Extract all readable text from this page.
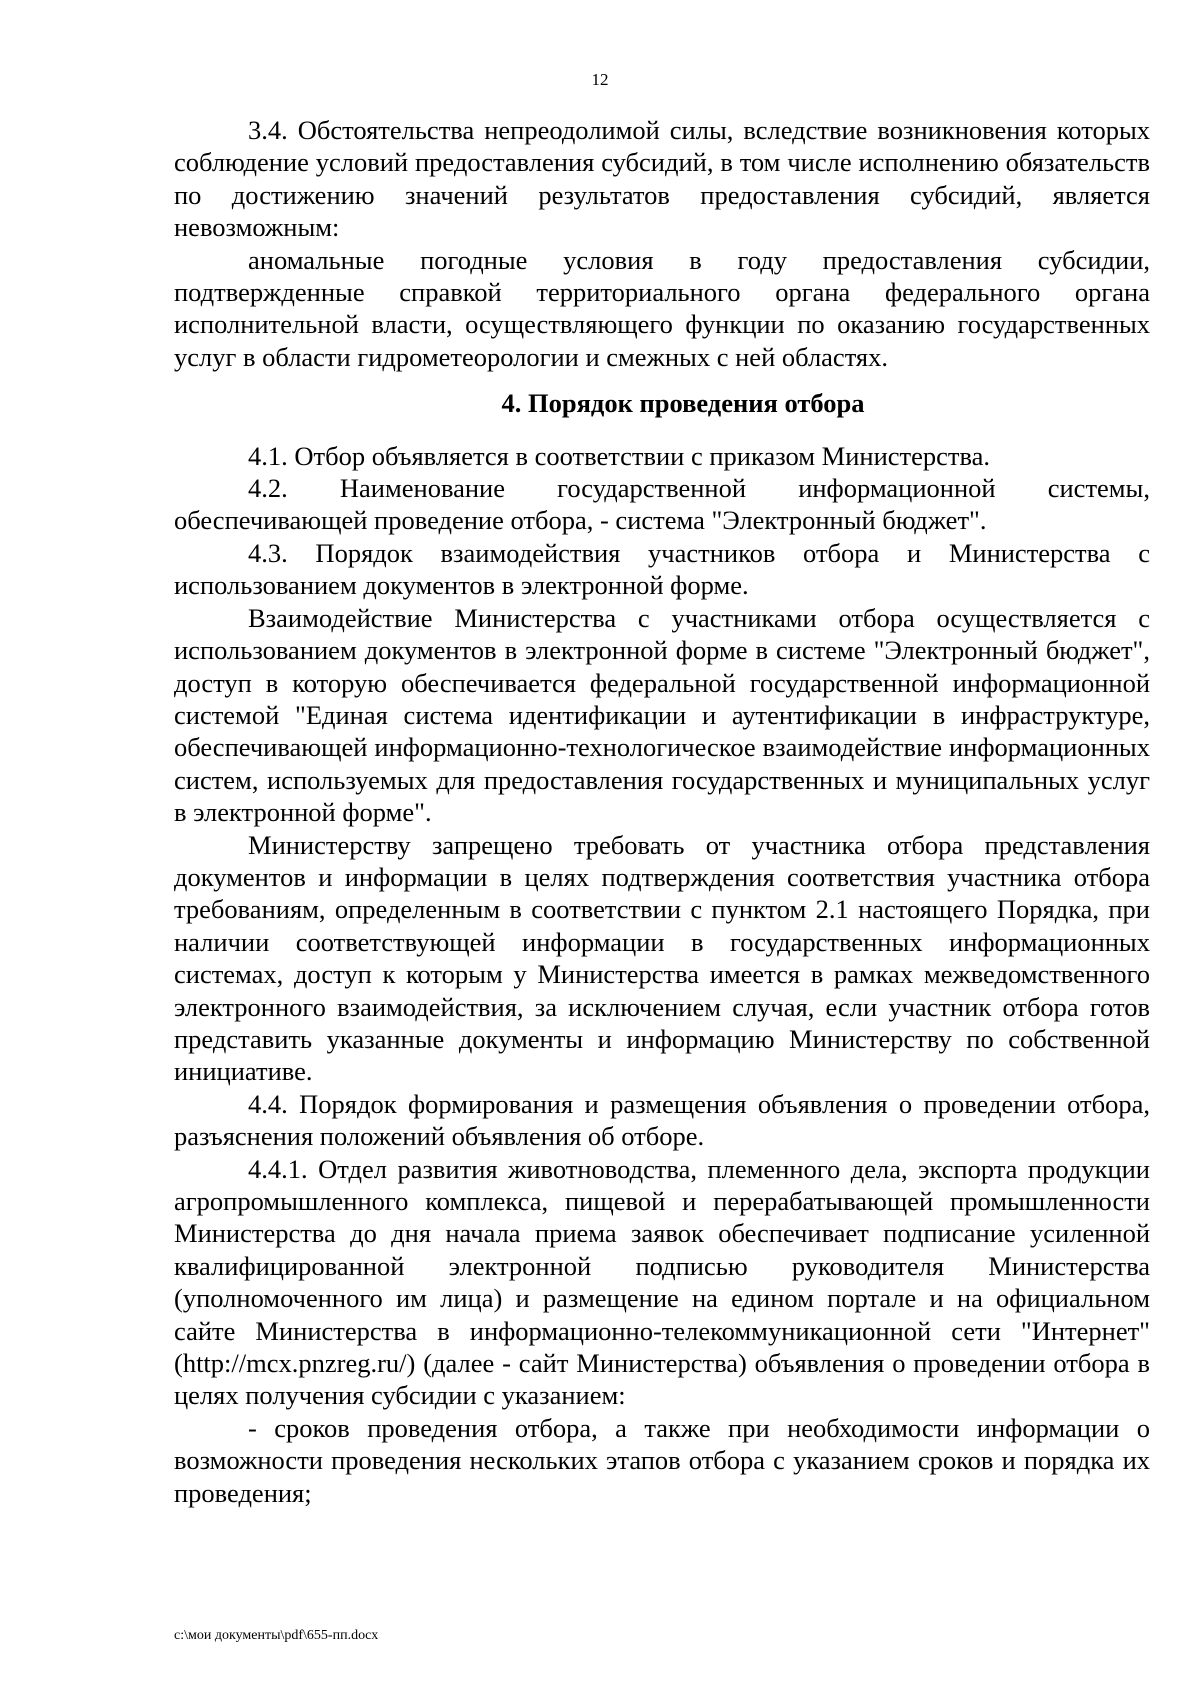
12

3.4. Обстоятельства непреодолимой силы, вследствие возникновения которых соблюдение условий предоставления субсидий, в том числе исполнению обязательств по достижению значений результатов предоставления субсидий, является невозможным:

аномальные погодные условия в году предоставления субсидии, подтвержденные справкой территориального органа федерального органа исполнительной власти, осуществляющего функции по оказанию государственных услуг в области гидрометеорологии и смежных с ней областях.

4. Порядок проведения отбора

4.1. Отбор объявляется в соответствии с приказом Министерства.

4.2. Наименование государственной информационной системы, обеспечивающей проведение отбора, - система "Электронный бюджет".

4.3. Порядок взаимодействия участников отбора и Министерства с использованием документов в электронной форме.

Взаимодействие Министерства с участниками отбора осуществляется с использованием документов в электронной форме в системе "Электронный бюджет", доступ в которую обеспечивается федеральной государственной информационной системой "Единая система идентификации и аутентификации в инфраструктуре, обеспечивающей информационно-технологическое взаимодействие информационных систем, используемых для предоставления государственных и муниципальных услуг в электронной форме".

Министерству запрещено требовать от участника отбора представления документов и информации в целях подтверждения соответствия участника отбора требованиям, определенным в соответствии с пунктом 2.1 настоящего Порядка, при наличии соответствующей информации в государственных информационных системах, доступ к которым у Министерства имеется в рамках межведомственного электронного взаимодействия, за исключением случая, если участник отбора готов представить указанные документы и информацию Министерству по собственной инициативе.

4.4. Порядок формирования и размещения объявления о проведении отбора, разъяснения положений объявления об отборе.

4.4.1. Отдел развития животноводства, племенного дела, экспорта продукции агропромышленного комплекса, пищевой и перерабатывающей промышленности Министерства до дня начала приема заявок обеспечивает подписание усиленной квалифицированной электронной подписью руководителя Министерства (уполномоченного им лица) и размещение на едином портале и на официальном сайте Министерства в информационно-телекоммуникационной сети "Интернет" (http://mcx.pnzreg.ru/) (далее - сайт Министерства) объявления о проведении отбора в целях получения субсидии с указанием:

- сроков проведения отбора, а также при необходимости информации о возможности проведения нескольких этапов отбора с указанием сроков и порядка их проведения;

c:\мои документы\pdf\655-пп.docx
